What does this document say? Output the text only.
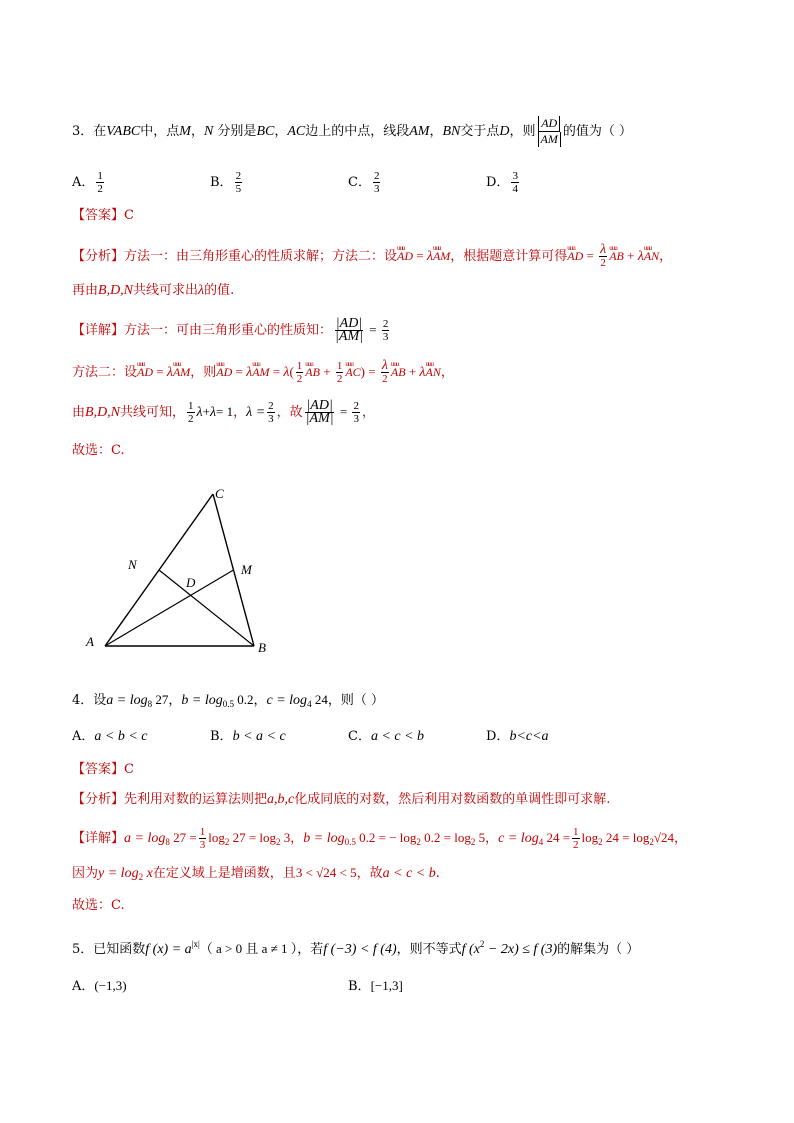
3．在VABC中，点M，N 分别是BC，AC边上的中点，线段AM，BN交于点D，则 $\frac{AD}{AM}$ 的值为（ ）
A． $\frac{1}{2}$	B． $\frac{2}{5}$	C． $\frac{2}{3}$	D． $\frac{3}{4}$
【答案】C
【分析】方法一：由三角形重心的性质求解；方法二：设uuu AD = λuuu AM，根据题意计算可得uuu AD = $\frac{\lambda}{2}$ uuu AB + λuuu AN，
再由B,D,N共线可求出λ的值.
【详解】方法一：可由三角形重心的性质知： $\frac{|AD|}{|AM|} = \frac{2}{3}$
方法二：设uuu AD = λuuu AM，则uuu AD = λuuu AM = $\lambda( \frac{1}{2}$ uuu AB + $\frac{1}{2}$ uuu $AC) = \frac{\lambda}{2}$ uuu AB + λuuu AN，
由B,D,N共线可知， $\frac{1}{2} \lambda+\lambda= 1$，$\lambda = \frac{2}{3}$ ，故 $\frac{|AD|}{|AM|} = \frac{2}{3}$ ，
故选：C.
C
N	M
D
A	B
4．设$a = \log_8 27$，$b = \log_{0.5} 0.2$，$c = \log_4 24$，则（ ）
A．a < b < c	B．b < a < c	C．a < c < b	D．b<c<a
【答案】C
【分析】先利用对数的运算法则把a,b,c化成同底的对数，然后利用对数函数的单调性即可求解.
【详解】$a = \log_8 27 = \frac{1}{3} \log_2 27 = \log_2 3$，$b = \log_{0.5} 0.2$ = − $\log_2 0.2 = \log_2 5$，$c = \log_4 24 = \frac{1}{2} \log_2 24 = \log_2√24$，
因为$y = \log_2 x$在定义域上是增函数，且3 < √24 < 5，故a < c < b.
故选：C.
5．已知函数f $(x) = a^{|x|}$（ a > 0 且 a ≠ 1 ），若f (−3) < f (4)，则不等式f $(x^2 - 2x) \le f$ (3)的解集为（ ）
A．(−1,3)	B．[−1,3]
